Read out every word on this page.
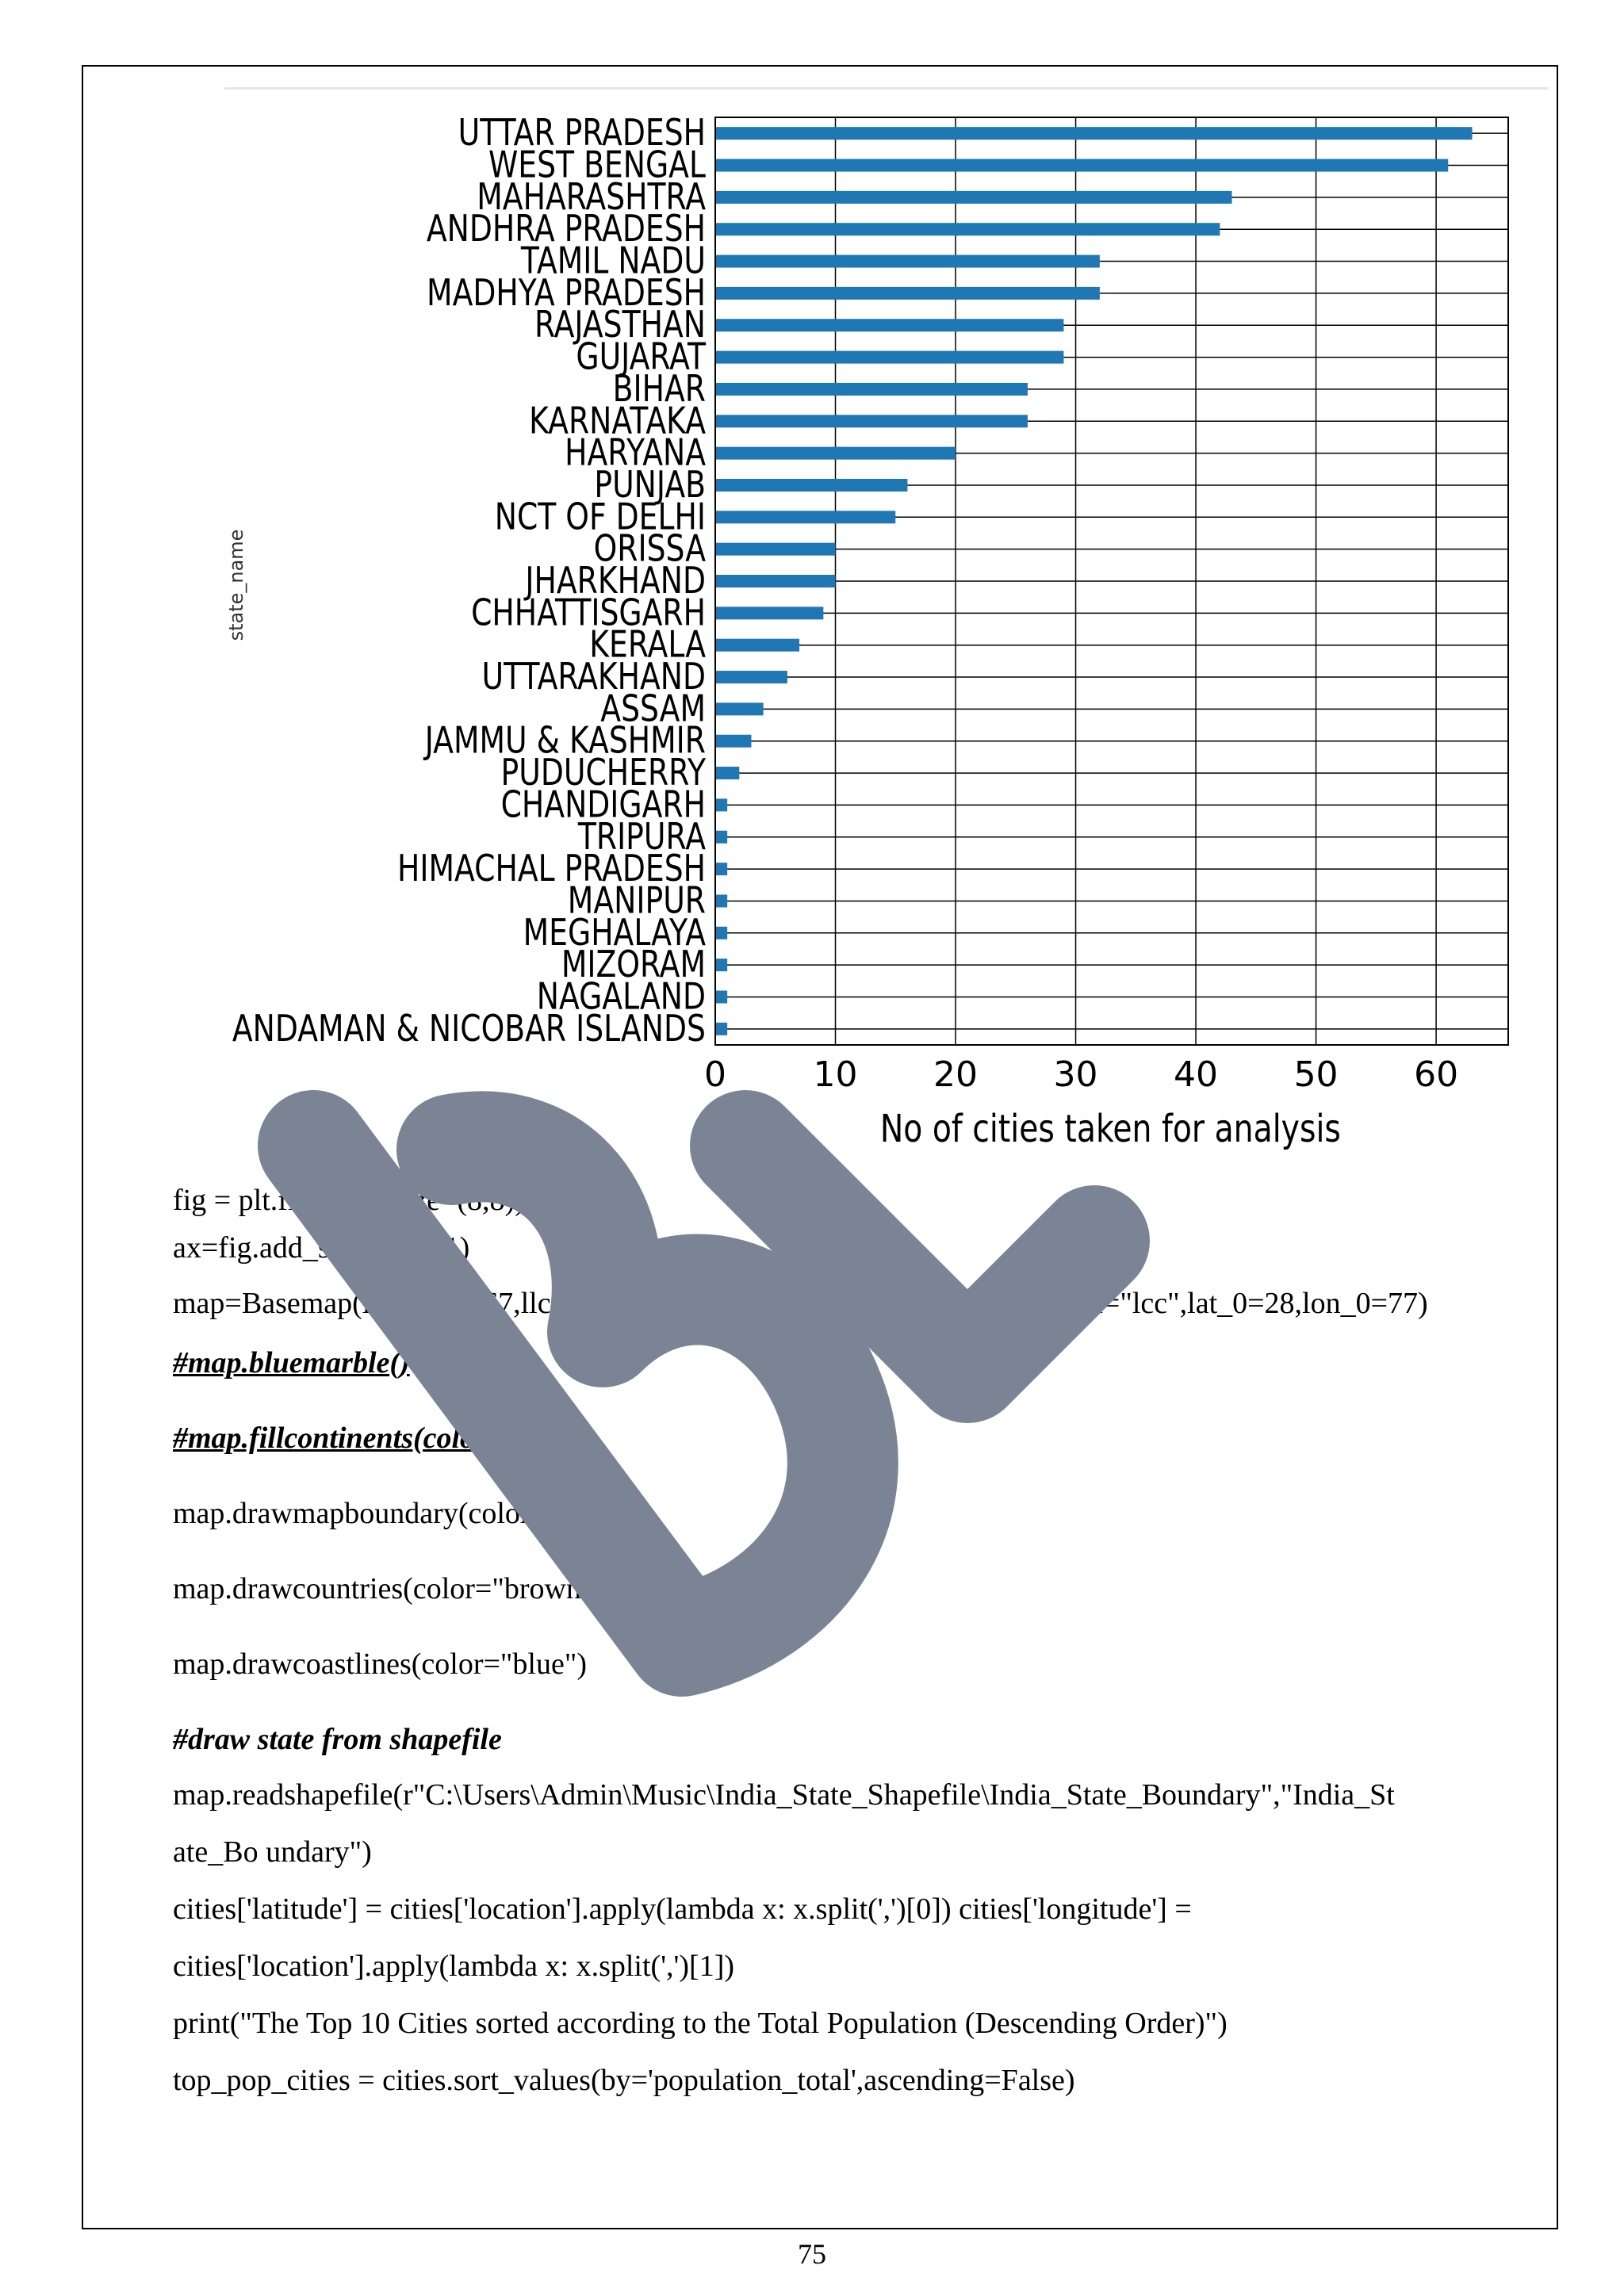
0 10 20 30 40 50 60
UTTAR PRADESH
WEST BENGAL
MAHARASHTRA
ANDHRA PRADESH
TAMIL NADU
MADHYA PRADESH
RAJASTHAN
GUJARAT
BIHAR
KARNATAKA
HARYANA
PUNJAB
NCT OF DELHI
ORISSA
JHARKHAND
CHHATTISGARH
KERALA
UTTARAKHAND
ASSAM
JAMMU & KASHMIR
PUDUCHERRY
CHANDIGARH
TRIPURA
HIMACHAL PRADESH
MANIPUR
MEGHALAYA
MIZORAM
NAGALAND
ANDAMAN & NICOBAR ISLANDS
No of cities taken for analysis
state_name
fig = plt.figure(figsize=(8,8))
ax=fig.add_subplot(111)
map=Basemap(llcrnrlon=67,llcrnrlat=5,urcrnrlon=99,urcrnrlat=37,projection="lcc",lat_0=28,lon_0=77)
#map.bluemarble()
#map.fillcontinents(color="red")
map.drawmapboundary(color="red")
map.drawcountries(color="brown")
map.drawcoastlines(color="blue")
#draw state from shapefile
map.readshapefile(r"C:\Users\Admin\Music\India_State_Shapefile\India_State_Boundary","India_St
ate_Bo undary")
cities['latitude'] = cities['location'].apply(lambda x: x.split(',')[0]) cities['longitude'] =
cities['location'].apply(lambda x: x.split(',')[1])
print("The Top 10 Cities sorted according to the Total Population (Descending Order)")
top_pop_cities = cities.sort_values(by='population_total',ascending=False)
75
